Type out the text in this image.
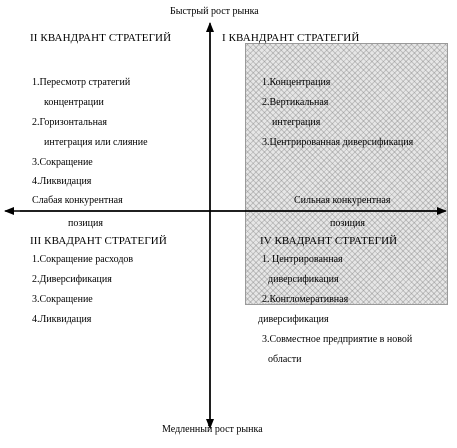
Быстрый рост рынка
Медленный рост рынка
Слабая конкурентная
позиция
Сильная конкурентная
позиция
II КВАНДРАНТ СТРАТЕГИЙ
1.Пересмотр стратегий
концентрации
2.Горизонтальная
интеграция или слияние
3.Сокращение
4.Ликвидация
I КВАНДРАНТ СТРАТЕГИЙ
1.Концентрация
2.Вертикальная
интеграция
3.Центрированная диверсификация
III КВАДРАНТ СТРАТЕГИЙ
1.Сокращение расходов
2.Диверсификация
3.Сокращение
4.Ликвидация
IV КВАДРАНТ СТРАТЕГИЙ
1. Центрированная
диверсификация
2.Конгломеративная
диверсификация
3.Совместное предприятие в новой
области
